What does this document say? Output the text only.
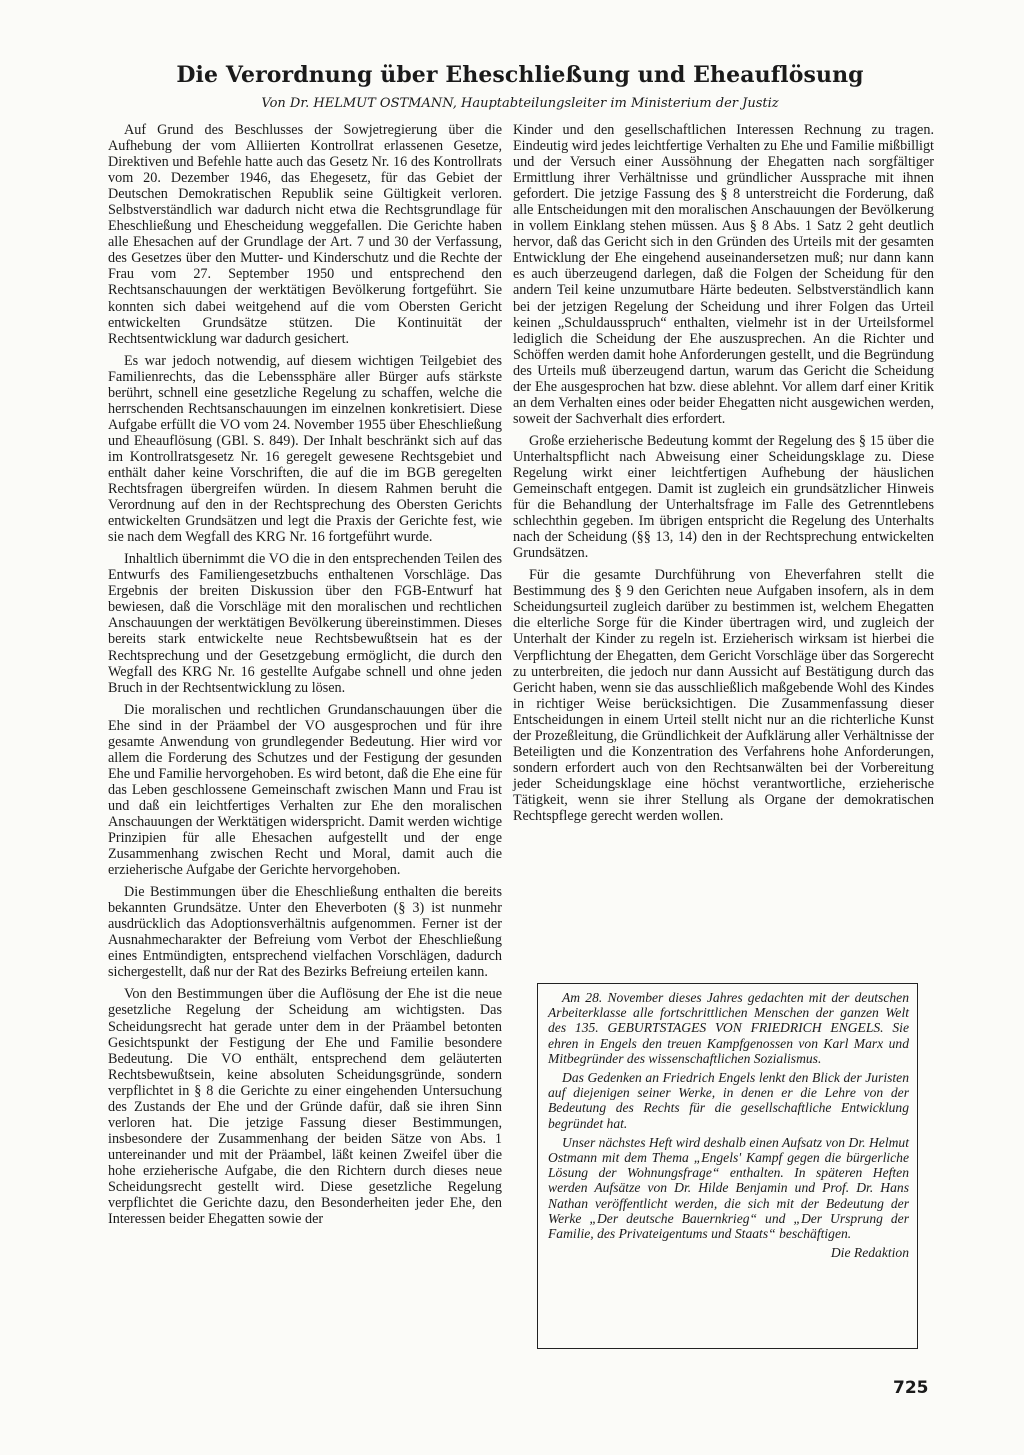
Die Verordnung über Eheschließung und Eheauflösung
Von Dr. HELMUT OSTMANN, Hauptabteilungsleiter im Ministerium der Justiz

Auf Grund des Beschlusses der Sowjetregierung über die Aufhebung der vom Alliierten Kontrollrat erlassenen Gesetze, Direktiven und Befehle hatte auch das Gesetz Nr. 16 des Kontrollrats vom 20. Dezember 1946, das Ehegesetz, für das Gebiet der Deutschen Demokratischen Republik seine Gültigkeit verloren. Selbstverständlich war dadurch nicht etwa die Rechtsgrundlage für Eheschließung und Ehescheidung weggefallen. Die Gerichte haben alle Ehesachen auf der Grundlage der Art. 7 und 30 der Verfassung, des Gesetzes über den Mutter- und Kinderschutz und die Rechte der Frau vom 27. September 1950 und entsprechend den Rechtsanschauungen der werktätigen Bevölkerung fortgeführt. Sie konnten sich dabei weitgehend auf die vom Obersten Gericht entwickelten Grundsätze stützen. Die Kontinuität der Rechtsentwicklung war dadurch gesichert.

Es war jedoch notwendig, auf diesem wichtigen Teilgebiet des Familienrechts, das die Lebenssphäre aller Bürger aufs stärkste berührt, schnell eine gesetzliche Regelung zu schaffen, welche die herrschenden Rechtsanschauungen im einzelnen konkretisiert. Diese Aufgabe erfüllt die VO vom 24. November 1955 über Eheschließung und Eheauflösung (GBl. S. 849). Der Inhalt beschränkt sich auf das im Kontrollratsgesetz Nr. 16 geregelt gewesene Rechtsgebiet und enthält daher keine Vorschriften, die auf die im BGB geregelten Rechtsfragen übergreifen würden. In diesem Rahmen beruht die Verordnung auf den in der Rechtsprechung des Obersten Gerichts entwickelten Grundsätzen und legt die Praxis der Gerichte fest, wie sie nach dem Wegfall des KRG Nr. 16 fortgeführt wurde.

Inhaltlich übernimmt die VO die in den entsprechenden Teilen des Entwurfs des Familiengesetzbuchs enthaltenen Vorschläge. Das Ergebnis der breiten Diskussion über den FGB-Entwurf hat bewiesen, daß die Vorschläge mit den moralischen und rechtlichen Anschauungen der werktätigen Bevölkerung übereinstimmen. Dieses bereits stark entwickelte neue Rechtsbewußtsein hat es der Rechtsprechung und der Gesetzgebung ermöglicht, die durch den Wegfall des KRG Nr. 16 gestellte Aufgabe schnell und ohne jeden Bruch in der Rechtsentwicklung zu lösen.

Die moralischen und rechtlichen Grundanschauungen über die Ehe sind in der Präambel der VO ausgesprochen und für ihre gesamte Anwendung von grundlegender Bedeutung. Hier wird vor allem die Forderung des Schutzes und der Festigung der gesunden Ehe und Familie hervorgehoben. Es wird betont, daß die Ehe eine für das Leben geschlossene Gemeinschaft zwischen Mann und Frau ist und daß ein leichtfertiges Verhalten zur Ehe den moralischen Anschauungen der Werktätigen widerspricht. Damit werden wichtige Prinzipien für alle Ehesachen aufgestellt und der enge Zusammenhang zwischen Recht und Moral, damit auch die erzieherische Aufgabe der Gerichte hervorgehoben.

Die Bestimmungen über die Eheschließung enthalten die bereits bekannten Grundsätze. Unter den Eheverboten (§ 3) ist nunmehr ausdrücklich das Adoptionsverhältnis aufgenommen. Ferner ist der Ausnahmecharakter der Befreiung vom Verbot der Eheschließung eines Entmündigten, entsprechend vielfachen Vorschlägen, dadurch sichergestellt, daß nur der Rat des Bezirks Befreiung erteilen kann.

Von den Bestimmungen über die Auflösung der Ehe ist die neue gesetzliche Regelung der Scheidung am wichtigsten. Das Scheidungsrecht hat gerade unter dem in der Präambel betonten Gesichtspunkt der Festigung der Ehe und Familie besondere Bedeutung. Die VO enthält, entsprechend dem geläuterten Rechtsbewußtsein, keine absoluten Scheidungsgründe, sondern verpflichtet in § 8 die Gerichte zu einer eingehenden Untersuchung des Zustands der Ehe und der Gründe dafür, daß sie ihren Sinn verloren hat. Die jetzige Fassung dieser Bestimmungen, insbesondere der Zusammenhang der beiden Sätze von Abs. 1 untereinander und mit der Präambel, läßt keinen Zweifel über die hohe erzieherische Aufgabe, die den Richtern durch dieses neue Scheidungsrecht gestellt wird. Diese gesetzliche Regelung verpflichtet die Gerichte dazu, den Besonderheiten jeder Ehe, den Interessen beider Ehegatten sowie der

Kinder und den gesellschaftlichen Interessen Rechnung zu tragen. Eindeutig wird jedes leichtfertige Verhalten zu Ehe und Familie mißbilligt und der Versuch einer Aussöhnung der Ehegatten nach sorgfältiger Ermittlung ihrer Verhältnisse und gründlicher Aussprache mit ihnen gefordert. Die jetzige Fassung des § 8 unterstreicht die Forderung, daß alle Entscheidungen mit den moralischen Anschauungen der Bevölkerung in vollem Einklang stehen müssen. Aus § 8 Abs. 1 Satz 2 geht deutlich hervor, daß das Gericht sich in den Gründen des Urteils mit der gesamten Entwicklung der Ehe eingehend auseinandersetzen muß; nur dann kann es auch überzeugend darlegen, daß die Folgen der Scheidung für den andern Teil keine unzumutbare Härte bedeuten. Selbstverständlich kann bei der jetzigen Regelung der Scheidung und ihrer Folgen das Urteil keinen „Schuldausspruch“ enthalten, vielmehr ist in der Urteilsformel lediglich die Scheidung der Ehe auszusprechen. An die Richter und Schöffen werden damit hohe Anforderungen gestellt, und die Begründung des Urteils muß überzeugend dartun, warum das Gericht die Scheidung der Ehe ausgesprochen hat bzw. diese ablehnt. Vor allem darf einer Kritik an dem Verhalten eines oder beider Ehegatten nicht ausgewichen werden, soweit der Sachverhalt dies erfordert.

Große erzieherische Bedeutung kommt der Regelung des § 15 über die Unterhaltspflicht nach Abweisung einer Scheidungsklage zu. Diese Regelung wirkt einer leichtfertigen Aufhebung der häuslichen Gemeinschaft entgegen. Damit ist zugleich ein grundsätzlicher Hinweis für die Behandlung der Unterhaltsfrage im Falle des Getrenntlebens schlechthin gegeben. Im übrigen entspricht die Regelung des Unterhalts nach der Scheidung (§§ 13, 14) den in der Rechtsprechung entwickelten Grundsätzen.

Für die gesamte Durchführung von Eheverfahren stellt die Bestimmung des § 9 den Gerichten neue Aufgaben insofern, als in dem Scheidungsurteil zugleich darüber zu bestimmen ist, welchem Ehegatten die elterliche Sorge für die Kinder übertragen wird, und zugleich der Unterhalt der Kinder zu regeln ist. Erzieherisch wirksam ist hierbei die Verpflichtung der Ehegatten, dem Gericht Vorschläge über das Sorgerecht zu unterbreiten, die jedoch nur dann Aussicht auf Bestätigung durch das Gericht haben, wenn sie das ausschließlich maßgebende Wohl des Kindes in richtiger Weise berücksichtigen. Die Zusammenfassung dieser Entscheidungen in einem Urteil stellt nicht nur an die richterliche Kunst der Prozeßleitung, die Gründlichkeit der Aufklärung aller Verhältnisse der Beteiligten und die Konzentration des Verfahrens hohe Anforderungen, sondern erfordert auch von den Rechtsanwälten bei der Vorbereitung jeder Scheidungsklage eine höchst verantwortliche, erzieherische Tätigkeit, wenn sie ihrer Stellung als Organe der demokratischen Rechtspflege gerecht werden wollen.

Am 28. November dieses Jahres gedachten mit der deutschen Arbeiterklasse alle fortschrittlichen Menschen der ganzen Welt des 135. GEBURTSTAGES VON FRIEDRICH ENGELS. Sie ehren in Engels den treuen Kampfgenossen von Karl Marx und Mitbegründer des wissenschaftlichen Sozialismus.

Das Gedenken an Friedrich Engels lenkt den Blick der Juristen auf diejenigen seiner Werke, in denen er die Lehre von der Bedeutung des Rechts für die gesellschaftliche Entwicklung begründet hat.

Unser nächstes Heft wird deshalb einen Aufsatz von Dr. Helmut Ostmann mit dem Thema „Engels' Kampf gegen die bürgerliche Lösung der Wohnungsfrage“ enthalten. In späteren Heften werden Aufsätze von Dr. Hilde Benjamin und Prof. Dr. Hans Nathan veröffentlicht werden, die sich mit der Bedeutung der Werke „Der deutsche Bauernkrieg“ und „Der Ursprung der Familie, des Privateigentums und Staats“ beschäftigen.

Die Redaktion

725
